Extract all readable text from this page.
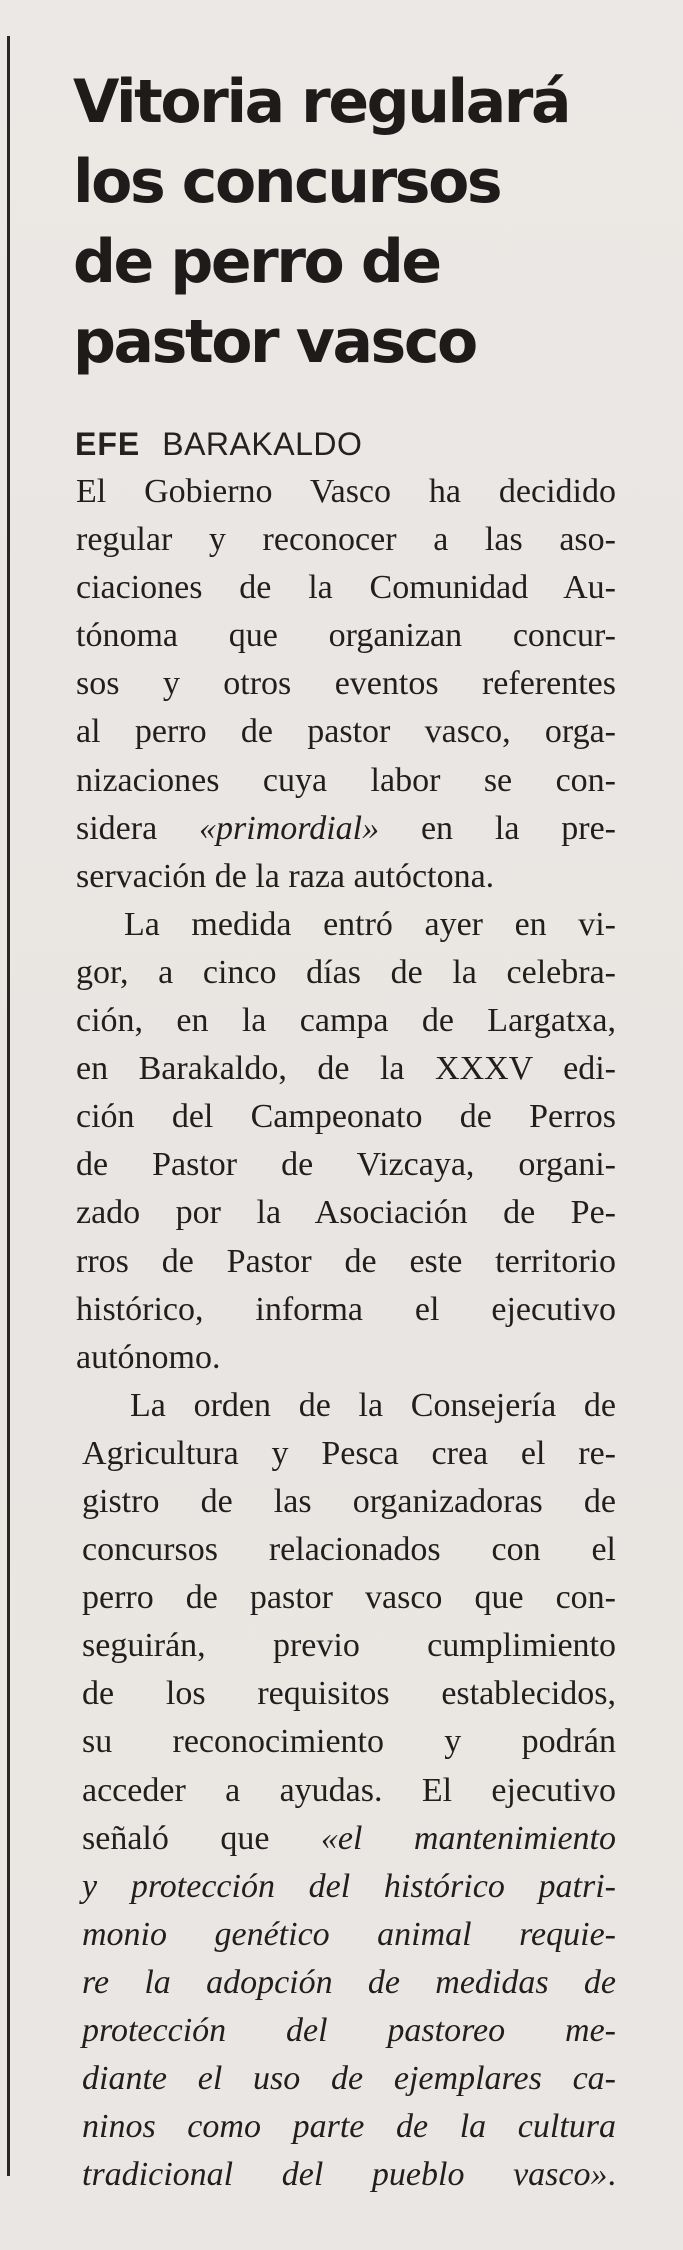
Vitoria regulará
los concursos
de perro de
pastor vasco
EFE BARAKALDO
El Gobierno Vasco ha decidido
regular y reconocer a las aso-
ciaciones de la Comunidad Au-
tónoma que organizan concur-
sos y otros eventos referentes
al perro de pastor vasco, orga-
nizaciones cuya labor se con-
sidera «primordial» en la pre-
servación de la raza autóctona.
La medida entró ayer en vi-
gor, a cinco días de la celebra-
ción, en la campa de Largatxa,
en Barakaldo, de la XXXV edi-
ción del Campeonato de Perros
de Pastor de Vizcaya, organi-
zado por la Asociación de Pe-
rros de Pastor de este territorio
histórico, informa el ejecutivo
autónomo.
La orden de la Consejería de
Agricultura y Pesca crea el re-
gistro de las organizadoras de
concursos relacionados con el
perro de pastor vasco que con-
seguirán, previo cumplimiento
de los requisitos establecidos,
su reconocimiento y podrán
acceder a ayudas. El ejecutivo
señaló que «el mantenimiento
y protección del histórico patri-
monio genético animal requie-
re la adopción de medidas de
protección del pastoreo me-
diante el uso de ejemplares ca-
ninos como parte de la cultura
tradicional del pueblo vasco».
